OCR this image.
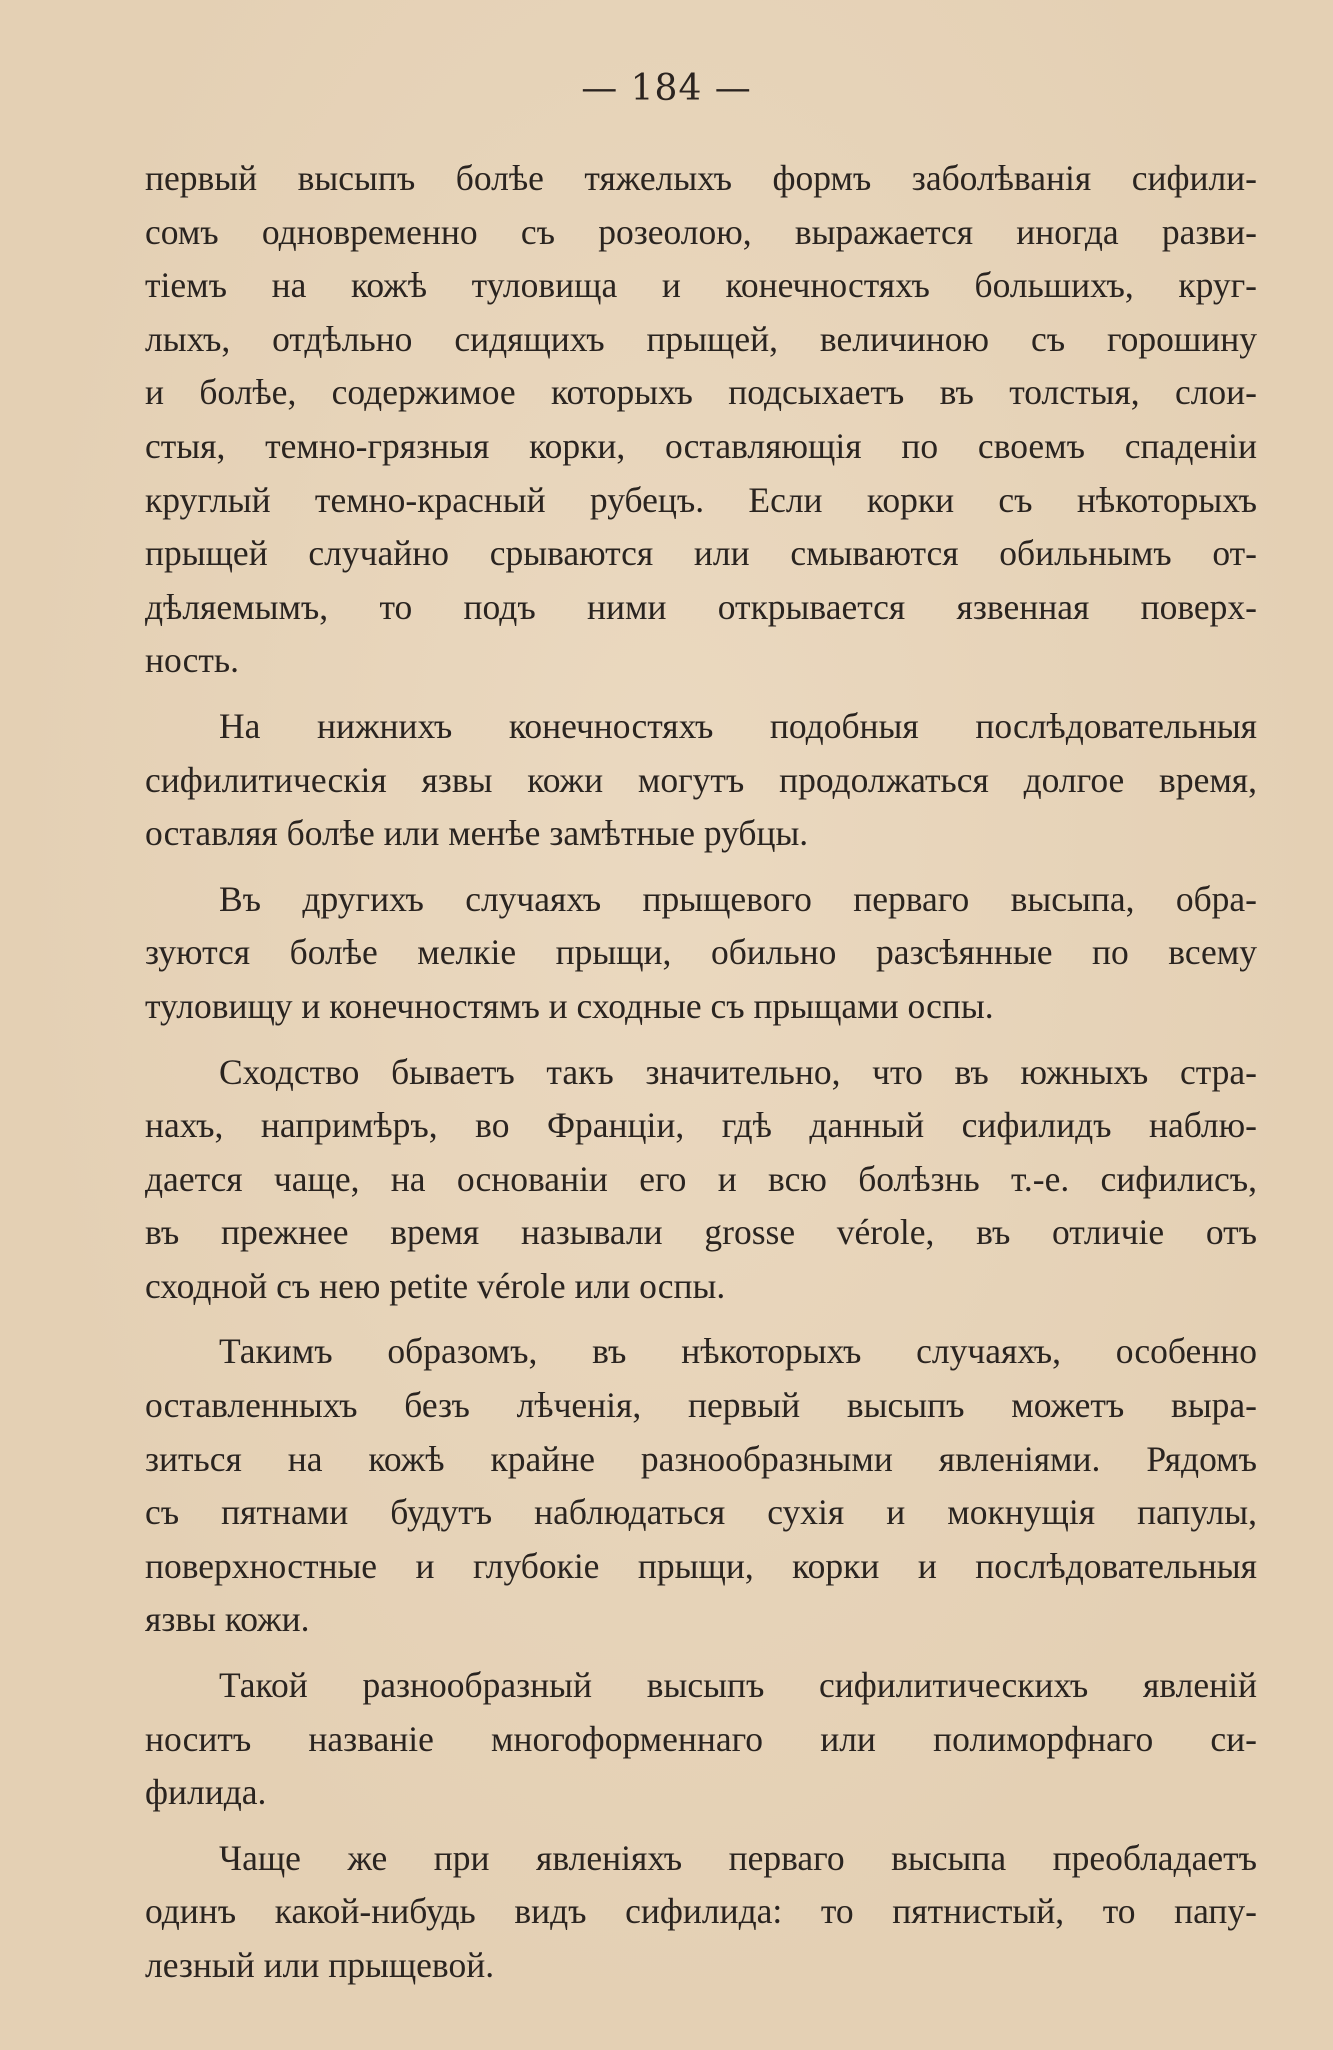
— 184 —
первый высыпъ болѣе тяжелыхъ формъ заболѣванія сифили-
сомъ одновременно съ розеолою, выражается иногда разви-
тіемъ на кожѣ туловища и конечностяхъ большихъ, круг-
лыхъ, отдѣльно сидящихъ прыщей, величиною съ горошину
и болѣе, содержимое которыхъ подсыхаетъ въ толстыя, слои-
стыя, темно-грязныя корки, оставляющія по своемъ спаденіи
круглый темно-красный рубецъ. Если корки съ нѣкоторыхъ
прыщей случайно срываются или смываются обильнымъ от-
дѣляемымъ, то подъ ними открывается язвенная поверх-
ность.
На нижнихъ конечностяхъ подобныя послѣдовательныя
сифилитическія язвы кожи могутъ продолжаться долгое время,
оставляя болѣе или менѣе замѣтные рубцы.
Въ другихъ случаяхъ прыщевого перваго высыпа, обра-
зуются болѣе мелкіе прыщи, обильно разсѣянные по всему
туловищу и конечностямъ и сходные съ прыщами оспы.
Сходство бываетъ такъ значительно, что въ южныхъ стра-
нахъ, напримѣръ, во Франціи, гдѣ данный сифилидъ наблю-
дается чаще, на основаніи его и всю болѣзнь т.-е. сифилисъ,
въ прежнее время называли grosse vérole, въ отличіе отъ
сходной съ нею petite vérole или оспы.
Такимъ образомъ, въ нѣкоторыхъ случаяхъ, особенно
оставленныхъ безъ лѣченія, первый высыпъ можетъ выра-
зиться на кожѣ крайне разнообразными явленіями. Рядомъ
съ пятнами будутъ наблюдаться сухія и мокнущія папулы,
поверхностные и глубокіе прыщи, корки и послѣдовательныя
язвы кожи.
Такой разнообразный высыпъ сифилитическихъ явленій
носитъ названіе многоформеннаго или полиморфнаго си-
филида.
Чаще же при явленіяхъ перваго высыпа преобладаетъ
одинъ какой-нибудь видъ сифилида: то пятнистый, то папу-
лезный или прыщевой.
